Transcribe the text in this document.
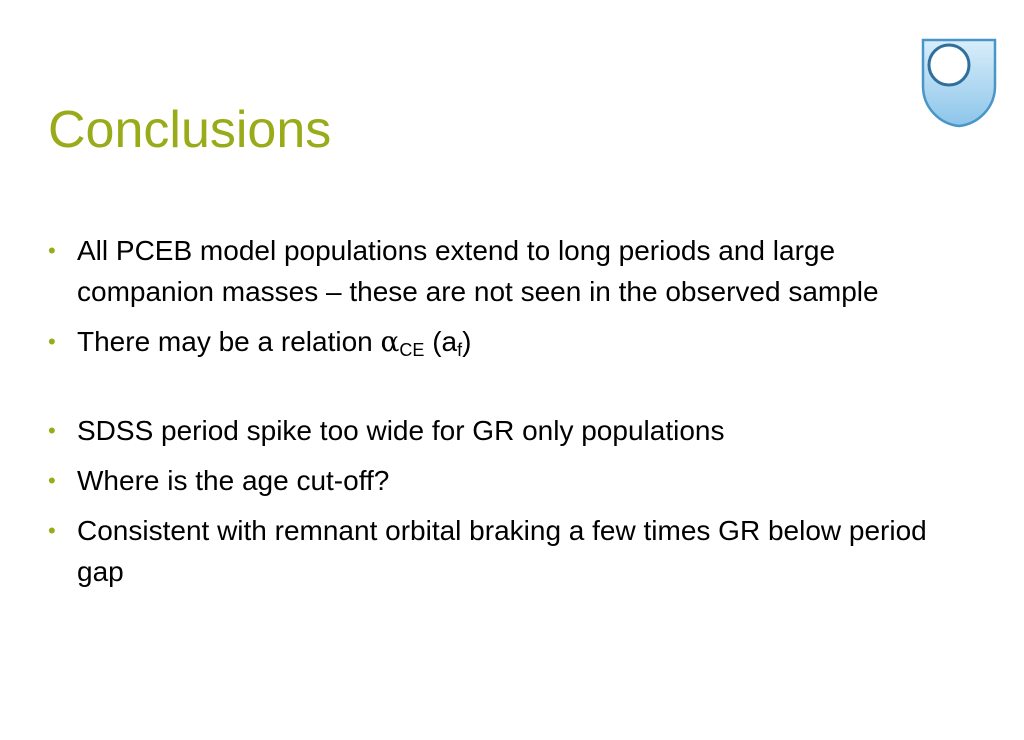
Conclusions
• All PCEB model populations extend to long periods and large companion masses – these are not seen in the observed sample
• There may be a relation $\alpha_{CE}$ $(a_f)$
• SDSS period spike too wide for GR only populations
• Where is the age cut-off?
• Consistent with remnant orbital braking a few times GR below period gap
